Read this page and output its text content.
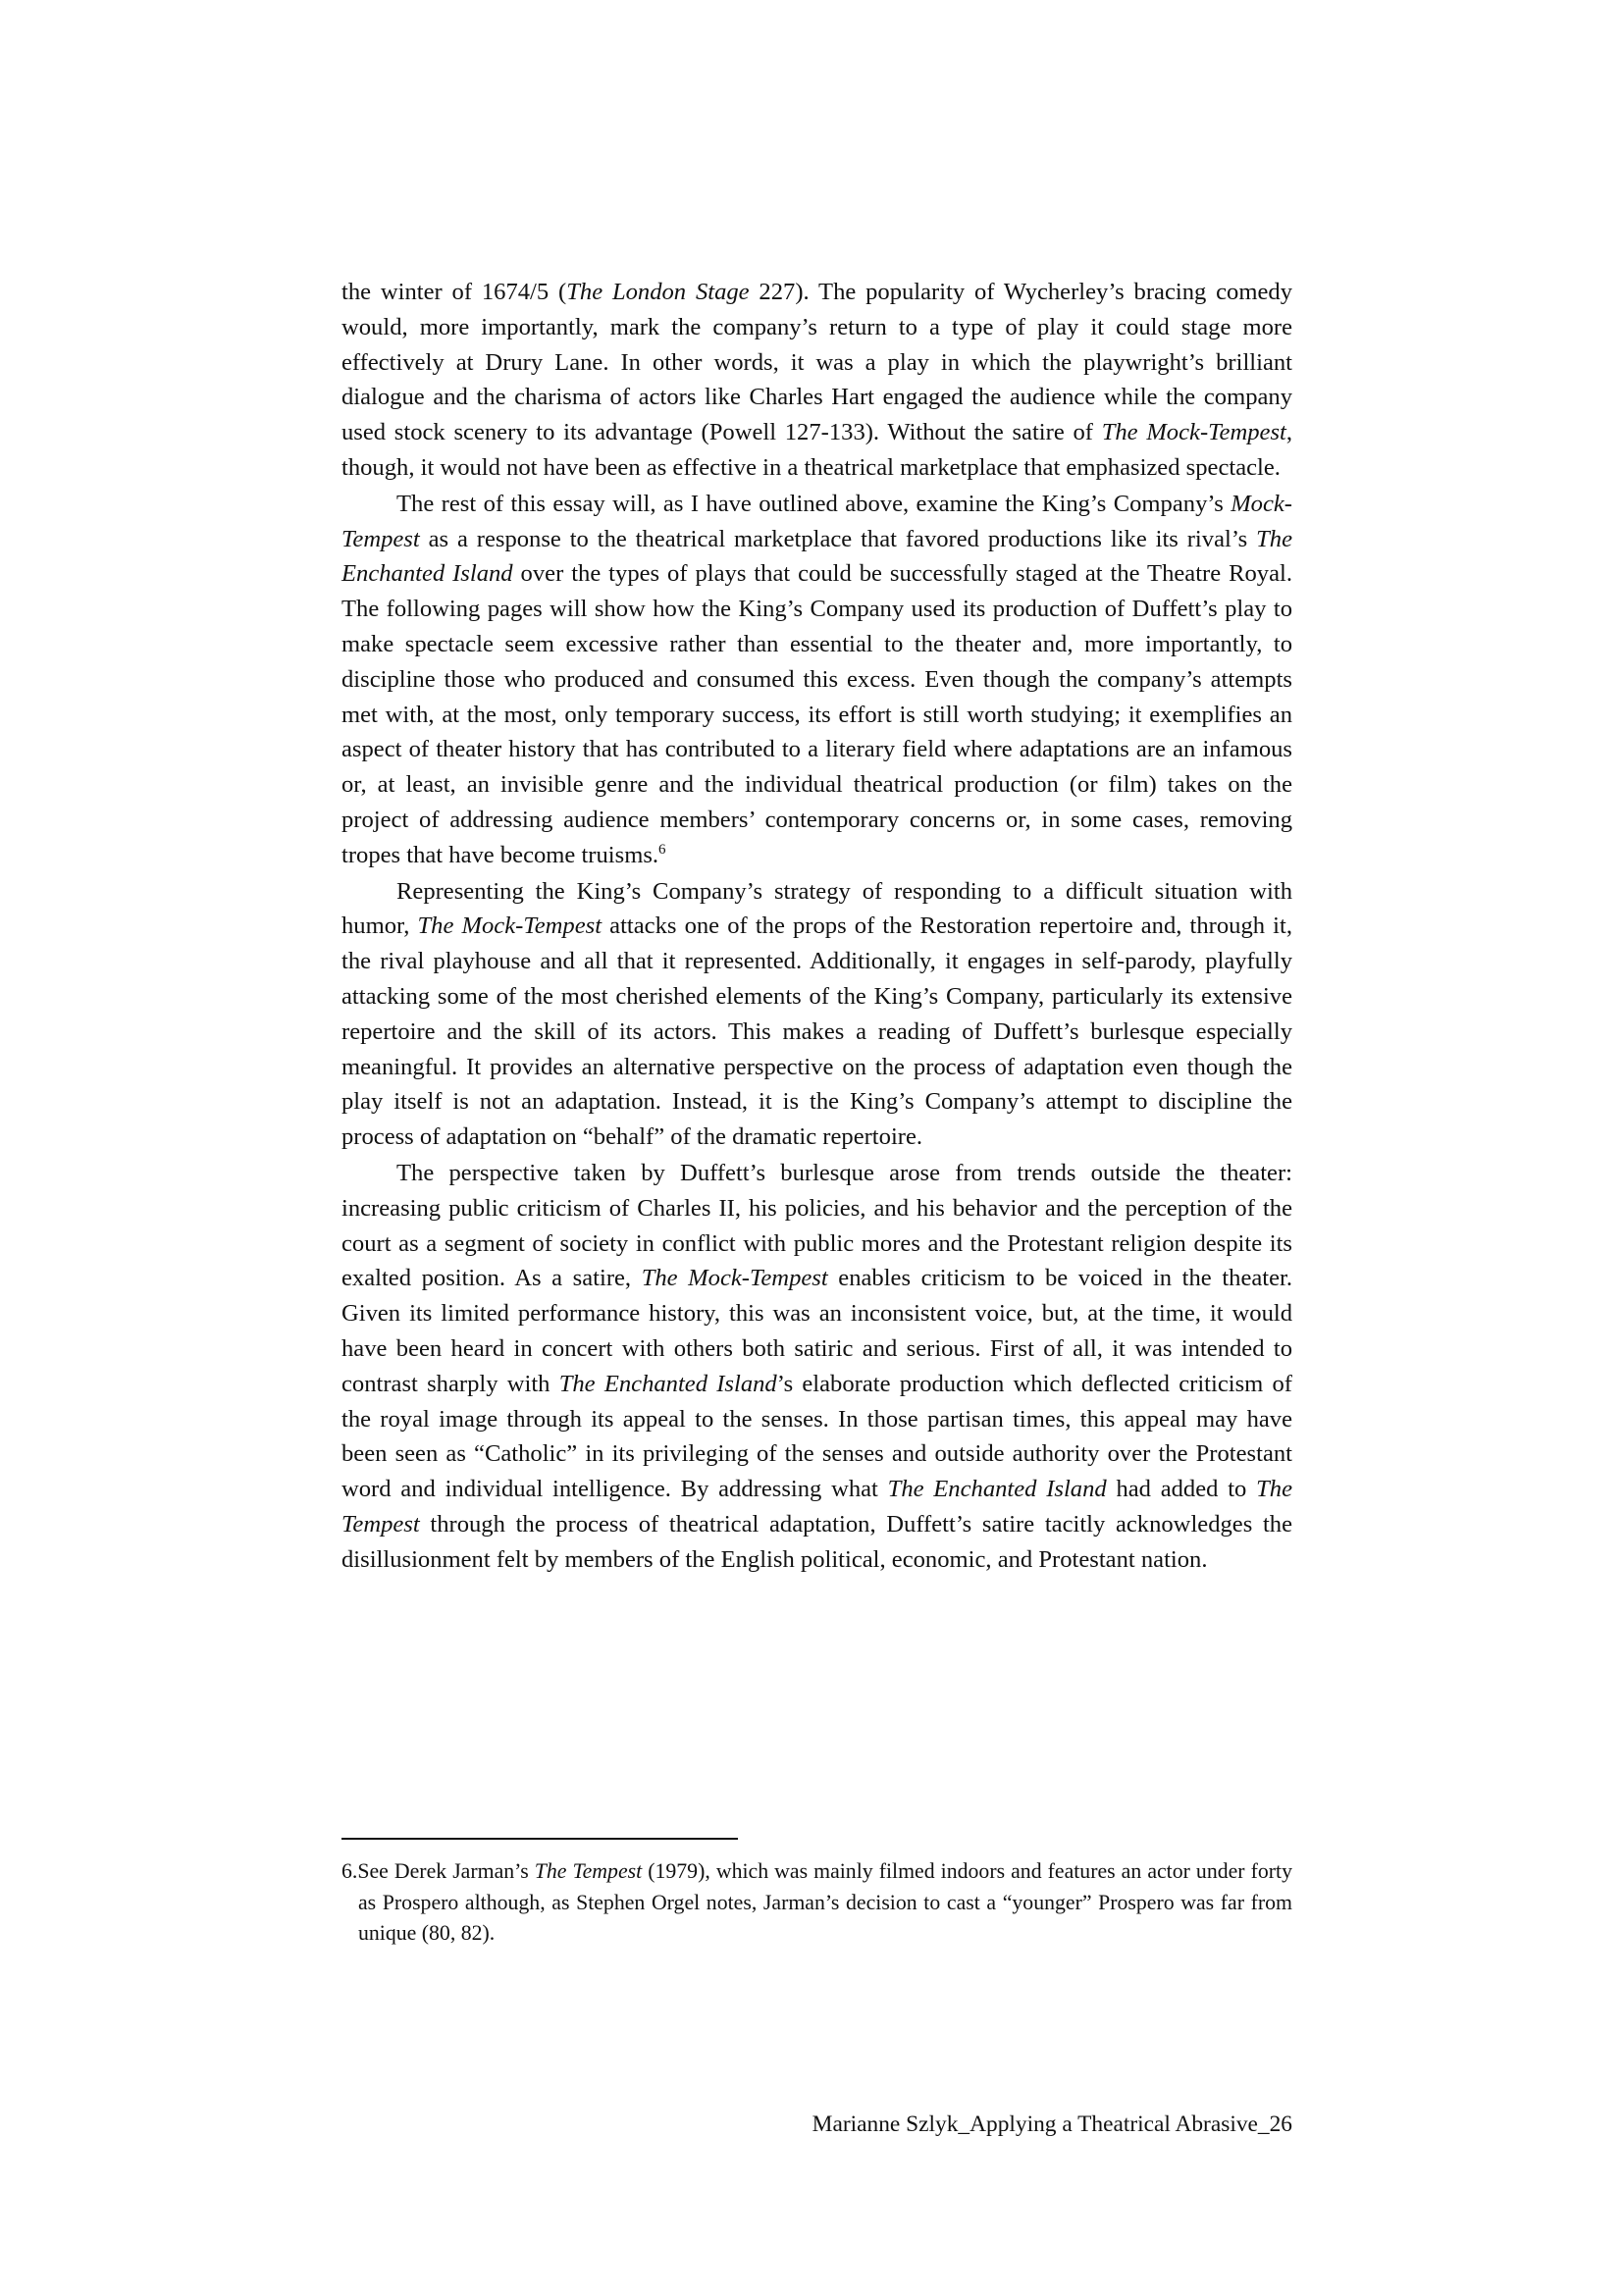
the winter of 1674/5 (The London Stage 227). The popularity of Wycherley’s bracing comedy would, more importantly, mark the company’s return to a type of play it could stage more effectively at Drury Lane. In other words, it was a play in which the playwright’s brilliant dialogue and the charisma of actors like Charles Hart engaged the audience while the company used stock scenery to its advantage (Powell 127-133). Without the satire of The Mock-Tempest, though, it would not have been as effective in a theatrical marketplace that emphasized spectacle.

The rest of this essay will, as I have outlined above, examine the King’s Company’s Mock-Tempest as a response to the theatrical marketplace that favored productions like its rival’s The Enchanted Island over the types of plays that could be successfully staged at the Theatre Royal. The following pages will show how the King’s Company used its production of Duffett’s play to make spectacle seem excessive rather than essential to the theater and, more importantly, to discipline those who produced and consumed this excess. Even though the company’s attempts met with, at the most, only temporary success, its effort is still worth studying; it exemplifies an aspect of theater history that has contributed to a literary field where adaptations are an infamous or, at least, an invisible genre and the individual theatrical production (or film) takes on the project of addressing audience members’ contemporary concerns or, in some cases, removing tropes that have become truisms.$^6$

Representing the King’s Company’s strategy of responding to a difficult situation with humor, The Mock-Tempest attacks one of the props of the Restoration repertoire and, through it, the rival playhouse and all that it represented. Additionally, it engages in self-parody, playfully attacking some of the most cherished elements of the King’s Company, particularly its extensive repertoire and the skill of its actors. This makes a reading of Duffett’s burlesque especially meaningful. It provides an alternative perspective on the process of adaptation even though the play itself is not an adaptation. Instead, it is the King’s Company’s attempt to discipline the process of adaptation on “behalf” of the dramatic repertoire.

The perspective taken by Duffett’s burlesque arose from trends outside the theater: increasing public criticism of Charles II, his policies, and his behavior and the perception of the court as a segment of society in conflict with public mores and the Protestant religion despite its exalted position. As a satire, The Mock-Tempest enables criticism to be voiced in the theater. Given its limited performance history, this was an inconsistent voice, but, at the time, it would have been heard in concert with others both satiric and serious. First of all, it was intended to contrast sharply with The Enchanted Island’s elaborate production which deflected criticism of the royal image through its appeal to the senses. In those partisan times, this appeal may have been seen as “Catholic” in its privileging of the senses and outside authority over the Protestant word and individual intelligence. By addressing what The Enchanted Island had added to The Tempest through the process of theatrical adaptation, Duffett’s satire tacitly acknowledges the disillusionment felt by members of the English political, economic, and Protestant nation.

6.See Derek Jarman’s The Tempest (1979), which was mainly filmed indoors and features an actor under forty as Prospero although, as Stephen Orgel notes, Jarman’s decision to cast a “younger” Prospero was far from unique (80, 82).
Marianne Szlyk_Applying a Theatrical Abrasive_26
